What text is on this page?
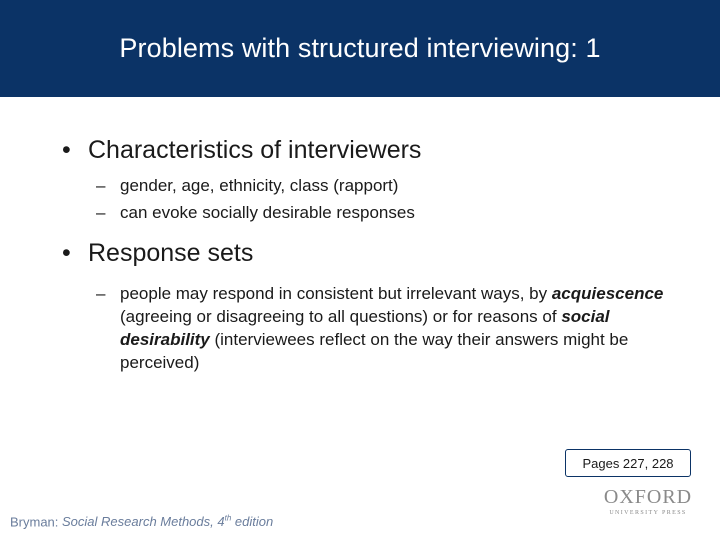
Problems with structured interviewing: 1
• Characteristics of interviewers
– gender, age, ethnicity, class (rapport)
– can evoke socially desirable responses
• Response sets
– people may respond in consistent but irrelevant ways, by acquiescence (agreeing or disagreeing to all questions) or for reasons of social desirability (interviewees reflect on the way their answers might be perceived)
Pages 227, 228
Bryman: Social Research Methods, 4th edition
OXFORD
UNIVERSITY PRESS
